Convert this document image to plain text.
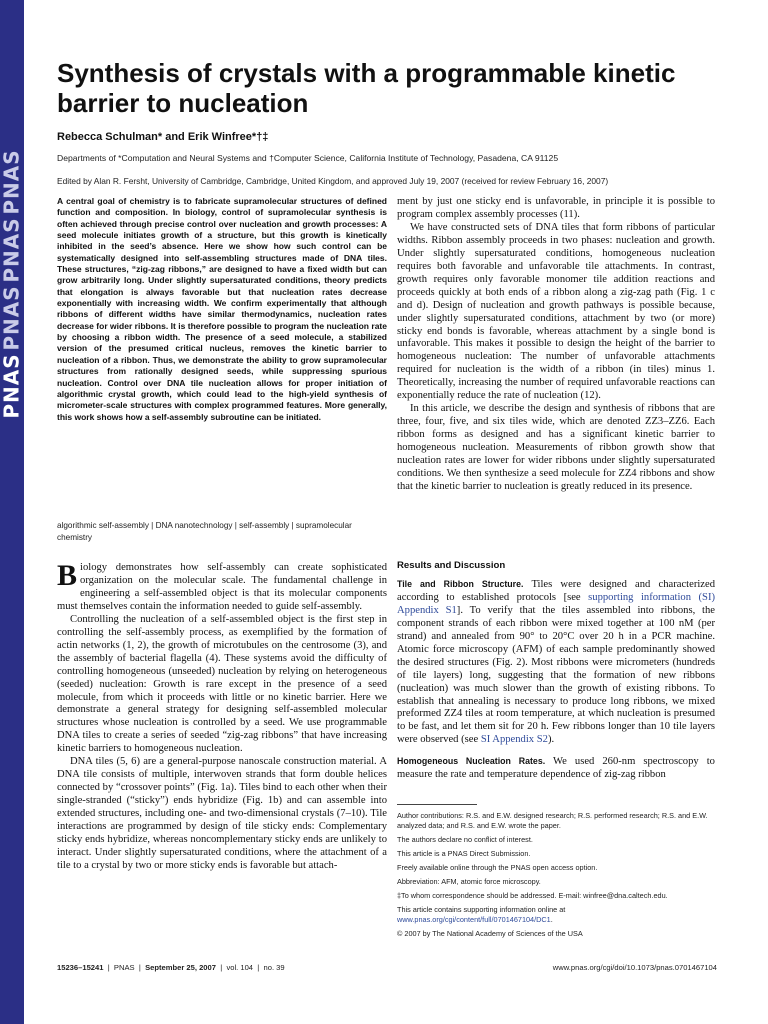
PNAS
PNAS
PNAS
PNAS
Synthesis of crystals with a programmable kinetic barrier to nucleation
Rebecca Schulman* and Erik Winfree*†‡
Departments of *Computation and Neural Systems and †Computer Science, California Institute of Technology, Pasadena, CA 91125
Edited by Alan R. Fersht, University of Cambridge, Cambridge, United Kingdom, and approved July 19, 2007 (received for review February 16, 2007)

A central goal of chemistry is to fabricate supramolecular structures of defined function and composition. In biology, control of supramolecular synthesis is often achieved through precise control over nucleation and growth processes: A seed molecule initiates growth of a structure, but this growth is kinetically inhibited in the seed’s absence. Here we show how such control can be systematically designed into self-assembling structures made of DNA tiles. These structures, “zig-zag ribbons,” are designed to have a fixed width but can grow arbitrarily long. Under slightly supersaturated conditions, theory predicts that elongation is always favorable but that nucleation rates decrease exponentially with increasing width. We confirm experimentally that although ribbons of different widths have similar thermodynamics, nucleation rates decrease for wider ribbons. It is therefore possible to program the nucleation rate by choosing a ribbon width. The presence of a seed molecule, a stabilized version of the presumed critical nucleus, removes the kinetic barrier to nucleation of a ribbon. Thus, we demonstrate the ability to grow supramolecular structures from rationally designed seeds, while suppressing spurious nucleation. Control over DNA tile nucleation allows for proper initiation of algorithmic crystal growth, which could lead to the high-yield synthesis of micrometer-scale structures with complex programmed features. More generally, this work shows how a self-assembly subroutine can be initiated.

algorithmic self-assembly | DNA nanotechnology | self-assembly | supramolecular chemistry

Biology demonstrates how self-assembly can create sophisticated organization on the molecular scale. The fundamental challenge in engineering a self-assembled object is that its molecular components must themselves contain the information needed to guide self-assembly.

Controlling the nucleation of a self-assembled object is the first step in controlling the self-assembly process, as exemplified by the formation of actin networks (1, 2), the growth of microtubules on the centrosome (3), and the assembly of bacterial flagella (4). These systems avoid the difficulty of controlling homogeneous (unseeded) nucleation by relying on heterogeneous (seeded) nucleation: Growth is rare except in the presence of a seed molecule, from which it proceeds with little or no kinetic barrier. Here we demonstrate a general strategy for designing self-assembled molecular structures whose nucleation is controlled by a seed. We use programmable DNA tiles to create a series of seeded “zig-zag ribbons” that have increasing kinetic barriers to homogeneous nucleation.

DNA tiles (5, 6) are a general-purpose nanoscale construction material. A DNA tile consists of multiple, interwoven strands that form double helices connected by “crossover points” (Fig. 1a). Tiles bind to each other when their single-stranded (“sticky”) ends hybridize (Fig. 1b) and can assemble into extended structures, including one- and two-dimensional crystals (7–10). Tile interactions are programmed by design of tile sticky ends: Complementary sticky ends hybridize, whereas noncomplementary sticky ends are unlikely to interact. Under slightly supersaturated conditions, where the attachment of a tile to a crystal by two or more sticky ends is favorable but attach-

ment by just one sticky end is unfavorable, in principle it is possible to program complex assembly processes (11).

We have constructed sets of DNA tiles that form ribbons of particular widths. Ribbon assembly proceeds in two phases: nucleation and growth. Under slightly supersaturated conditions, homogeneous nucleation requires both favorable and unfavorable tile attachments. In contrast, growth requires only favorable monomer tile addition reactions and proceeds quickly at both ends of a ribbon along a zig-zag path (Fig. 1 c and d). Design of nucleation and growth pathways is possible because, under slightly supersaturated conditions, attachment by two (or more) sticky end bonds is favorable, whereas attachment by a single bond is unfavorable. This makes it possible to design the height of the barrier to homogeneous nucleation: The number of unfavorable attachments required for nucleation is the width of a ribbon (in tiles) minus 1. Theoretically, increasing the number of required unfavorable reactions can exponentially reduce the rate of nucleation (12).

In this article, we describe the design and synthesis of ribbons that are three, four, five, and six tiles wide, which are denoted ZZ3–ZZ6. Each ribbon forms as designed and has a significant kinetic barrier to homogeneous nucleation. Measurements of ribbon growth show that nucleation rates are lower for wider ribbons under slightly supersaturated conditions. We then synthesize a seed molecule for ZZ4 ribbons and show that the kinetic barrier to nucleation is greatly reduced in its presence.

Results and Discussion

Tile and Ribbon Structure. Tiles were designed and characterized according to established protocols [see supporting information (SI) Appendix S1]. To verify that the tiles assembled into ribbons, the component strands of each ribbon were mixed together at 100 nM (per strand) and annealed from 90° to 20°C over 20 h in a PCR machine. Atomic force microscopy (AFM) of each sample predominantly showed the desired structures (Fig. 2). Most ribbons were micrometers (hundreds of tile layers) long, suggesting that the formation of new ribbons (nucleation) was much slower than the growth of existing ribbons. To establish that annealing is necessary to produce long ribbons, we mixed preformed ZZ4 tiles at room temperature, at which nucleation is presumed to be fast, and let them sit for 20 h. Few ribbons longer than 10 tile layers were observed (see SI Appendix S2).

Homogeneous Nucleation Rates. We used 260-nm spectroscopy to measure the rate and temperature dependence of zig-zag ribbon

Author contributions: R.S. and E.W. designed research; R.S. performed research; R.S. and E.W. analyzed data; and R.S. and E.W. wrote the paper.
The authors declare no conflict of interest.
This article is a PNAS Direct Submission.
Freely available online through the PNAS open access option.
Abbreviation: AFM, atomic force microscopy.
‡To whom correspondence should be addressed. E-mail: winfree@dna.caltech.edu.
This article contains supporting information online at www.pnas.org/cgi/content/full/0701467104/DC1.
© 2007 by The National Academy of Sciences of the USA
15236–15241 | PNAS | September 25, 2007 | vol. 104 | no. 39	www.pnas.org/cgi/doi/10.1073/pnas.0701467104
